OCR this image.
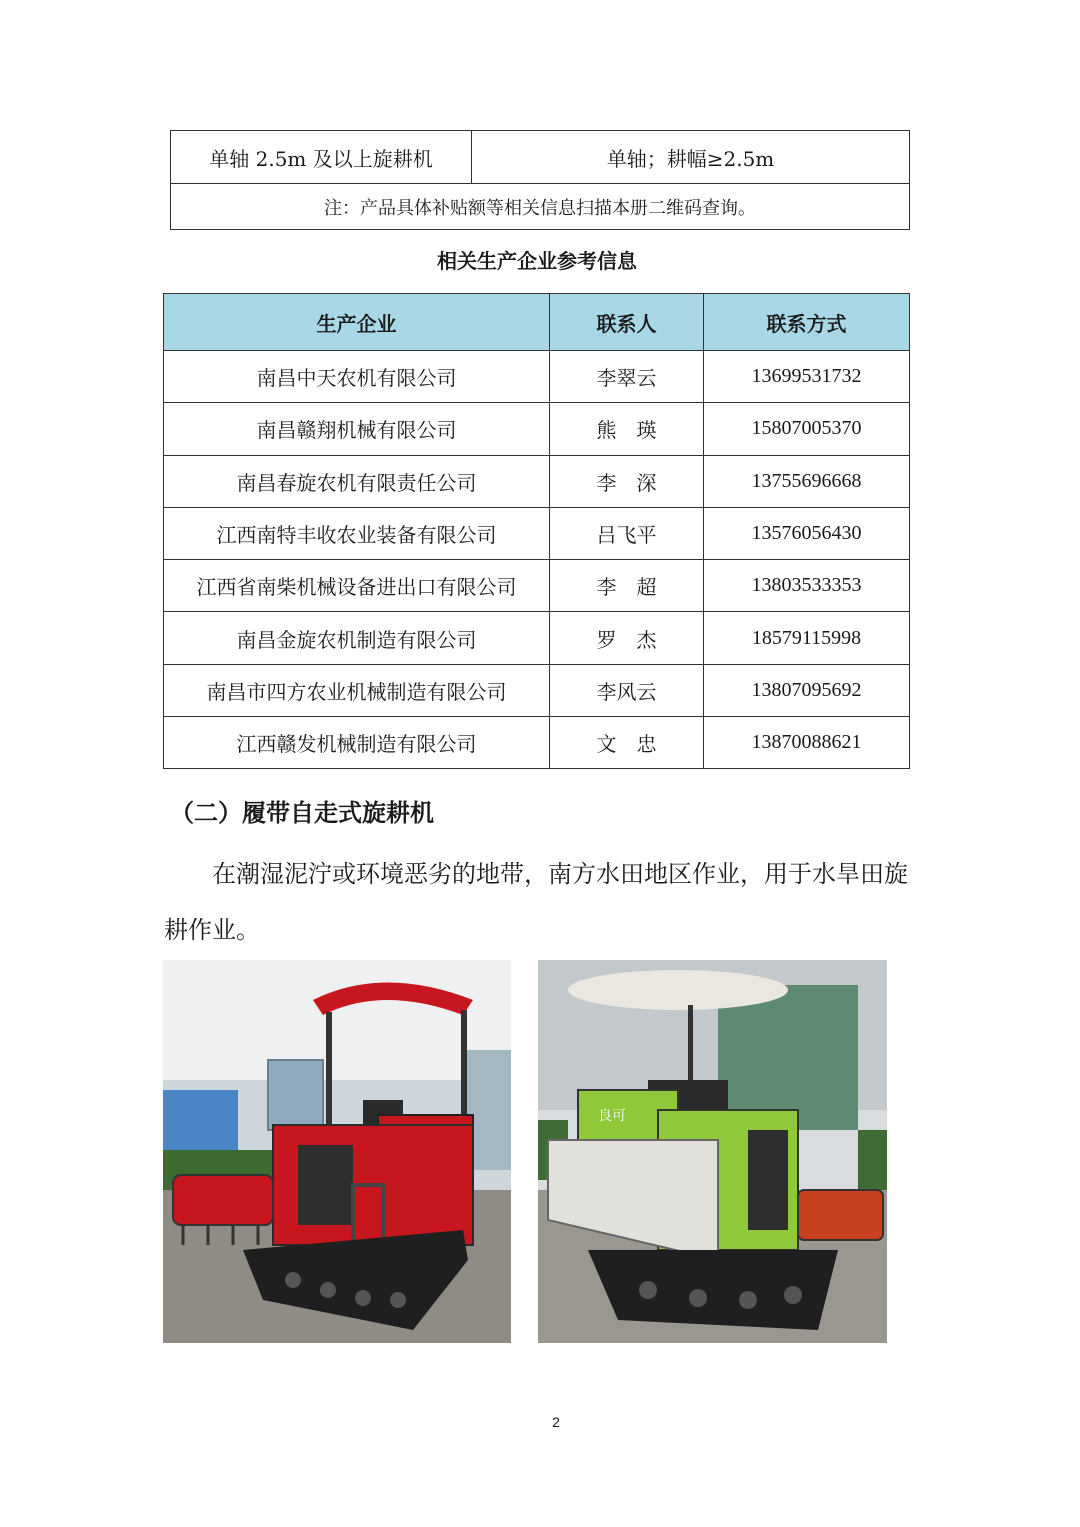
单轴 2.5m 及以上旋耕机	单轴；耕幅≥2.5m
注：产品具体补贴额等相关信息扫描本册二维码查询。
相关生产企业参考信息
生产企业	联系人	联系方式
南昌中天农机有限公司	李翠云	13699531732
南昌赣翔机械有限公司	熊　瑛	15807005370
南昌春旋农机有限责任公司	李　深	13755696668
江西南特丰收农业装备有限公司	吕飞平	13576056430
江西省南柴机械设备进出口有限公司	李　超	13803533353
南昌金旋农机制造有限公司	罗　杰	18579115998
南昌市四方农业机械制造有限公司	李风云	13807095692
江西赣发机械制造有限公司	文　忠	13870088621
（二）履带自走式旋耕机
在潮湿泥泞或环境恶劣的地带，南方水田地区作业，用于水旱田旋耕作业。
良可
2
